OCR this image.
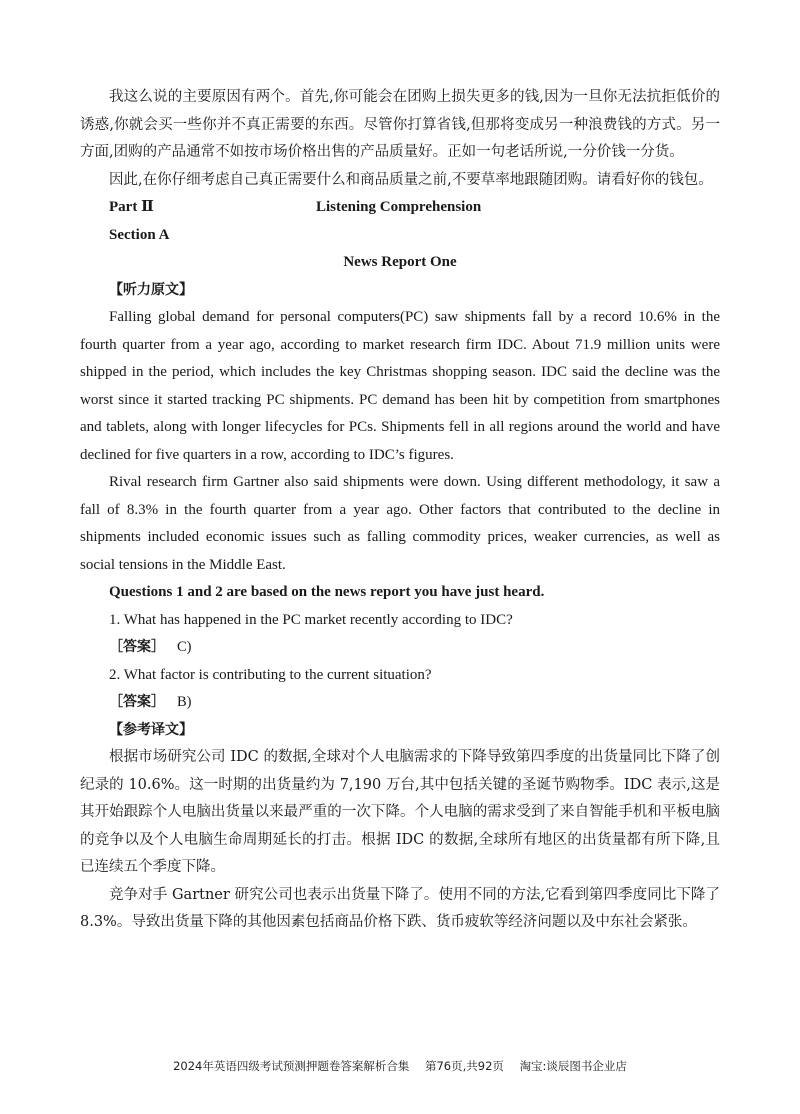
我这么说的主要原因有两个。首先,你可能会在团购上损失更多的钱,因为一旦你无法抗拒低价的诱惑,你就会买一些你并不真正需要的东西。尽管你打算省钱,但那将变成另一种浪费钱的方式。另一方面,团购的产品通常不如按市场价格出售的产品质量好。正如一句老话所说,一分价钱一分货。

因此,在你仔细考虑自己真正需要什么和商品质量之前,不要草率地跟随团购。请看好你的钱包。

Part Ⅱ	Listening Comprehension
Section A
News Report One
【听力原文】

Falling global demand for personal computers(PC) saw shipments fall by a record 10.6% in the fourth quarter from a year ago, according to market research firm IDC. About 71.9 million units were shipped in the period, which includes the key Christmas shopping season. IDC said the decline was the worst since it started tracking PC shipments. PC demand has been hit by competition from smartphones and tablets, along with longer lifecycles for PCs. Shipments fell in all regions around the world and have declined for five quarters in a row, according to IDC’s figures.

Rival research firm Gartner also said shipments were down. Using different methodology, it saw a fall of 8.3% in the fourth quarter from a year ago. Other factors that contributed to the decline in shipments included economic issues such as falling commodity prices, weaker currencies, as well as social tensions in the Middle East.

Questions 1 and 2 are based on the news report you have just heard.
1. What has happened in the PC market recently according to IDC?
［答案］ C)
2. What factor is contributing to the current situation?
［答案］ B)
【参考译文】

根据市场研究公司 IDC 的数据,全球对个人电脑需求的下降导致第四季度的出货量同比下降了创纪录的 10.6%。这一时期的出货量约为 7,190 万台,其中包括关键的圣诞节购物季。IDC 表示,这是其开始跟踪个人电脑出货量以来最严重的一次下降。个人电脑的需求受到了来自智能手机和平板电脑的竞争以及个人电脑生命周期延长的打击。根据 IDC 的数据,全球所有地区的出货量都有所下降,且已连续五个季度下降。

竞争对手 Gartner 研究公司也表示出货量下降了。使用不同的方法,它看到第四季度同比下降了 8.3%。导致出货量下降的其他因素包括商品价格下跌、货币疲软等经济问题以及中东社会紧张。

2024年英语四级考试预测押题卷答案解析合集 第76页,共92页 淘宝:谈辰图书企业店
